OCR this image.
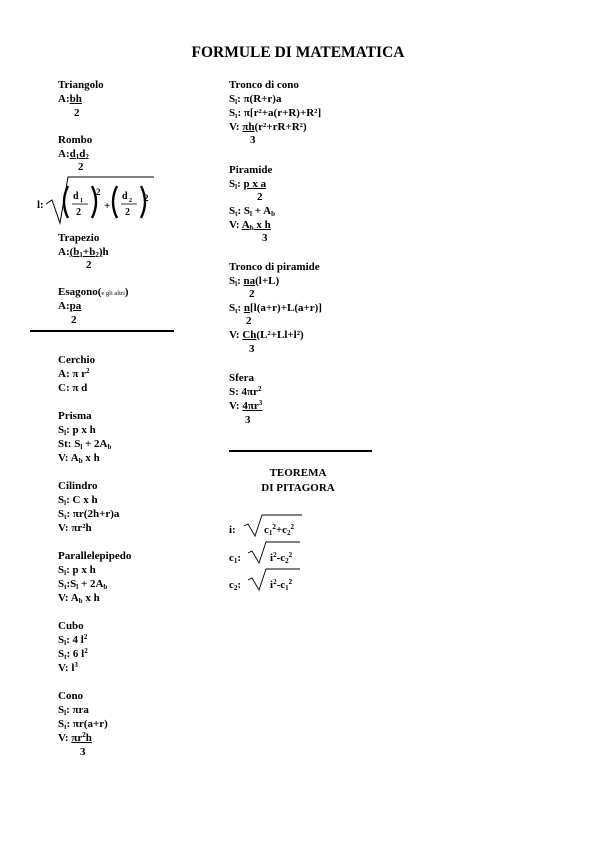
FORMULE DI MATEMATICA
Triangolo
A:bh
2
Rombo
$A:d_1d_2$
2
l:
d 1
2
2
+
d 2
2
2
Trapezio
$A:(b_1+b_2)h$
2
Esagono(e gli altri)
A:pa
2
Cerchio
A: π $r^2$
C: π d
Prisma
$S_l$: p x h
St: $S_l + 2A_b$
V: $A_b$ x h
Cilindro
$S_l$: C x h
$S_t$: πr(2h+r)a
V: πr²h
Parallelepipedo
$S_l$: p x h
$S_t:S_l + 2A_b$
V: $A_b$ x h
Cubo
$S_l$: 4 $l^2$
$S_t$: 6 $l^2$
V: $l^3$
Cono
$S_l$: πra
$S_t$: πr(a+r)
V: $\pi r^2h$
3
Tronco di cono
$S_l$: π(R+r)a
$S_t$: π[r²+a(r+R)+R²]
V: πh(r²+rR+R²)
3
Piramide
$S_l$: p x a
2
$S_t$: $S_l + A_b$
V: $A_b$ x h
3
Tronco di piramide
$S_l$: na(l+L)
2
$S_t$: n[l(a+r)+L(a+r)]
2
V: Ch(L²+Ll+l²)
3
Sfera
S: $4\pi r^2$
V: $4\pi r^3$
3
TEOREMA
DI PITAGORA
i:	$c_1^2+c_2^2$
$c_1$:	$i^2-c_2^2$
$c_2$:	$i^2-c_1^2$
